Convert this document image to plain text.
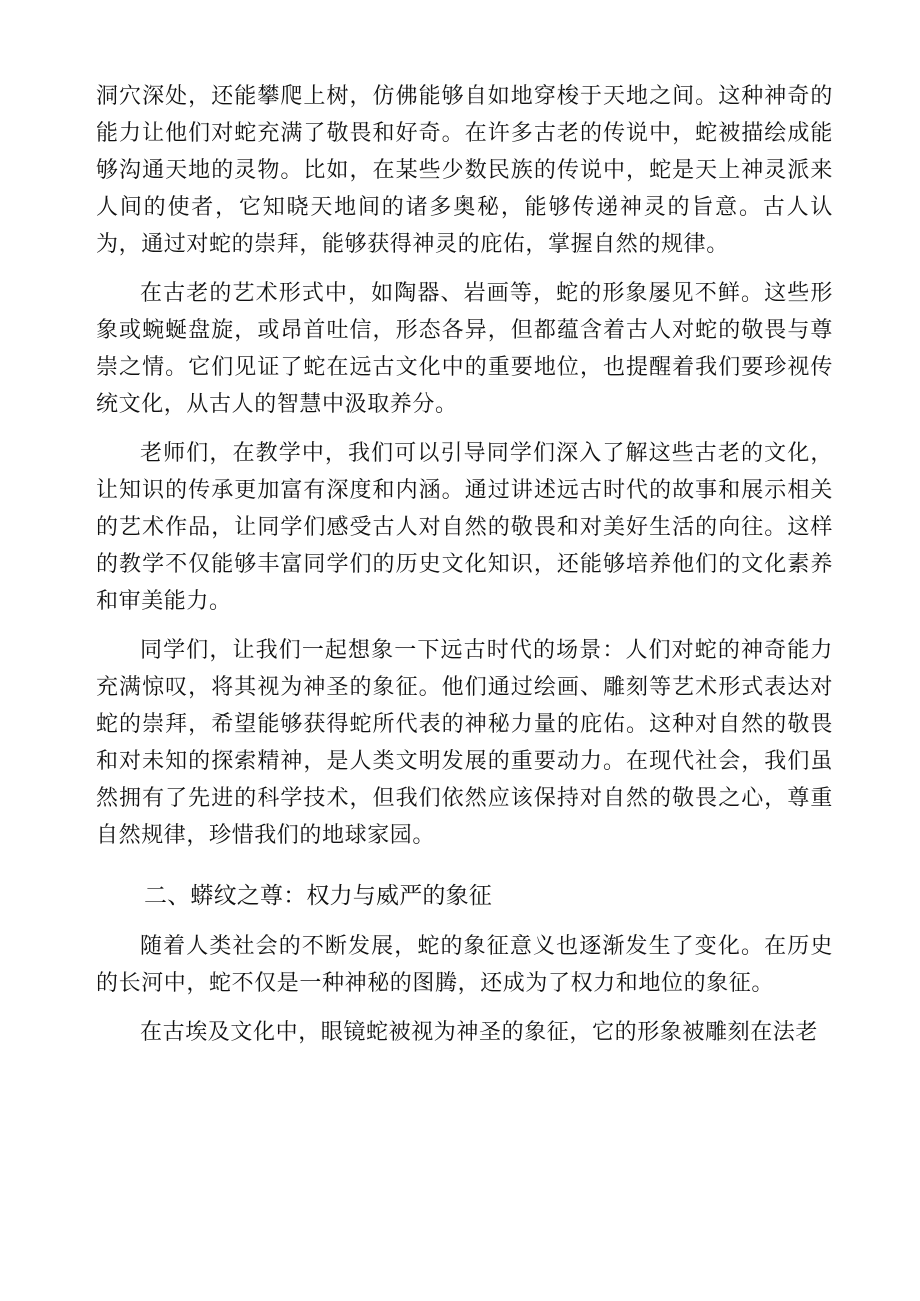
洞穴深处，还能攀爬上树，仿佛能够自如地穿梭于天地之间。这种神奇的能力让他们对蛇充满了敬畏和好奇。在许多古老的传说中，蛇被描绘成能够沟通天地的灵物。比如，在某些少数民族的传说中，蛇是天上神灵派来人间的使者，它知晓天地间的诸多奥秘，能够传递神灵的旨意。古人认为，通过对蛇的崇拜，能够获得神灵的庇佑，掌握自然的规律。

在古老的艺术形式中，如陶器、岩画等，蛇的形象屡见不鲜。这些形象或蜿蜒盘旋，或昂首吐信，形态各异，但都蕴含着古人对蛇的敬畏与尊崇之情。它们见证了蛇在远古文化中的重要地位，也提醒着我们要珍视传统文化，从古人的智慧中汲取养分。

老师们，在教学中，我们可以引导同学们深入了解这些古老的文化，让知识的传承更加富有深度和内涵。通过讲述远古时代的故事和展示相关的艺术作品，让同学们感受古人对自然的敬畏和对美好生活的向往。这样的教学不仅能够丰富同学们的历史文化知识，还能够培养他们的文化素养和审美能力。

同学们，让我们一起想象一下远古时代的场景：人们对蛇的神奇能力充满惊叹，将其视为神圣的象征。他们通过绘画、雕刻等艺术形式表达对蛇的崇拜，希望能够获得蛇所代表的神秘力量的庇佑。这种对自然的敬畏和对未知的探索精神，是人类文明发展的重要动力。在现代社会，我们虽然拥有了先进的科学技术，但我们依然应该保持对自然的敬畏之心，尊重自然规律，珍惜我们的地球家园。

二、蟒纹之尊：权力与威严的象征

随着人类社会的不断发展，蛇的象征意义也逐渐发生了变化。在历史的长河中，蛇不仅是一种神秘的图腾，还成为了权力和地位的象征。

在古埃及文化中，眼镜蛇被视为神圣的象征，它的形象被雕刻在法老
